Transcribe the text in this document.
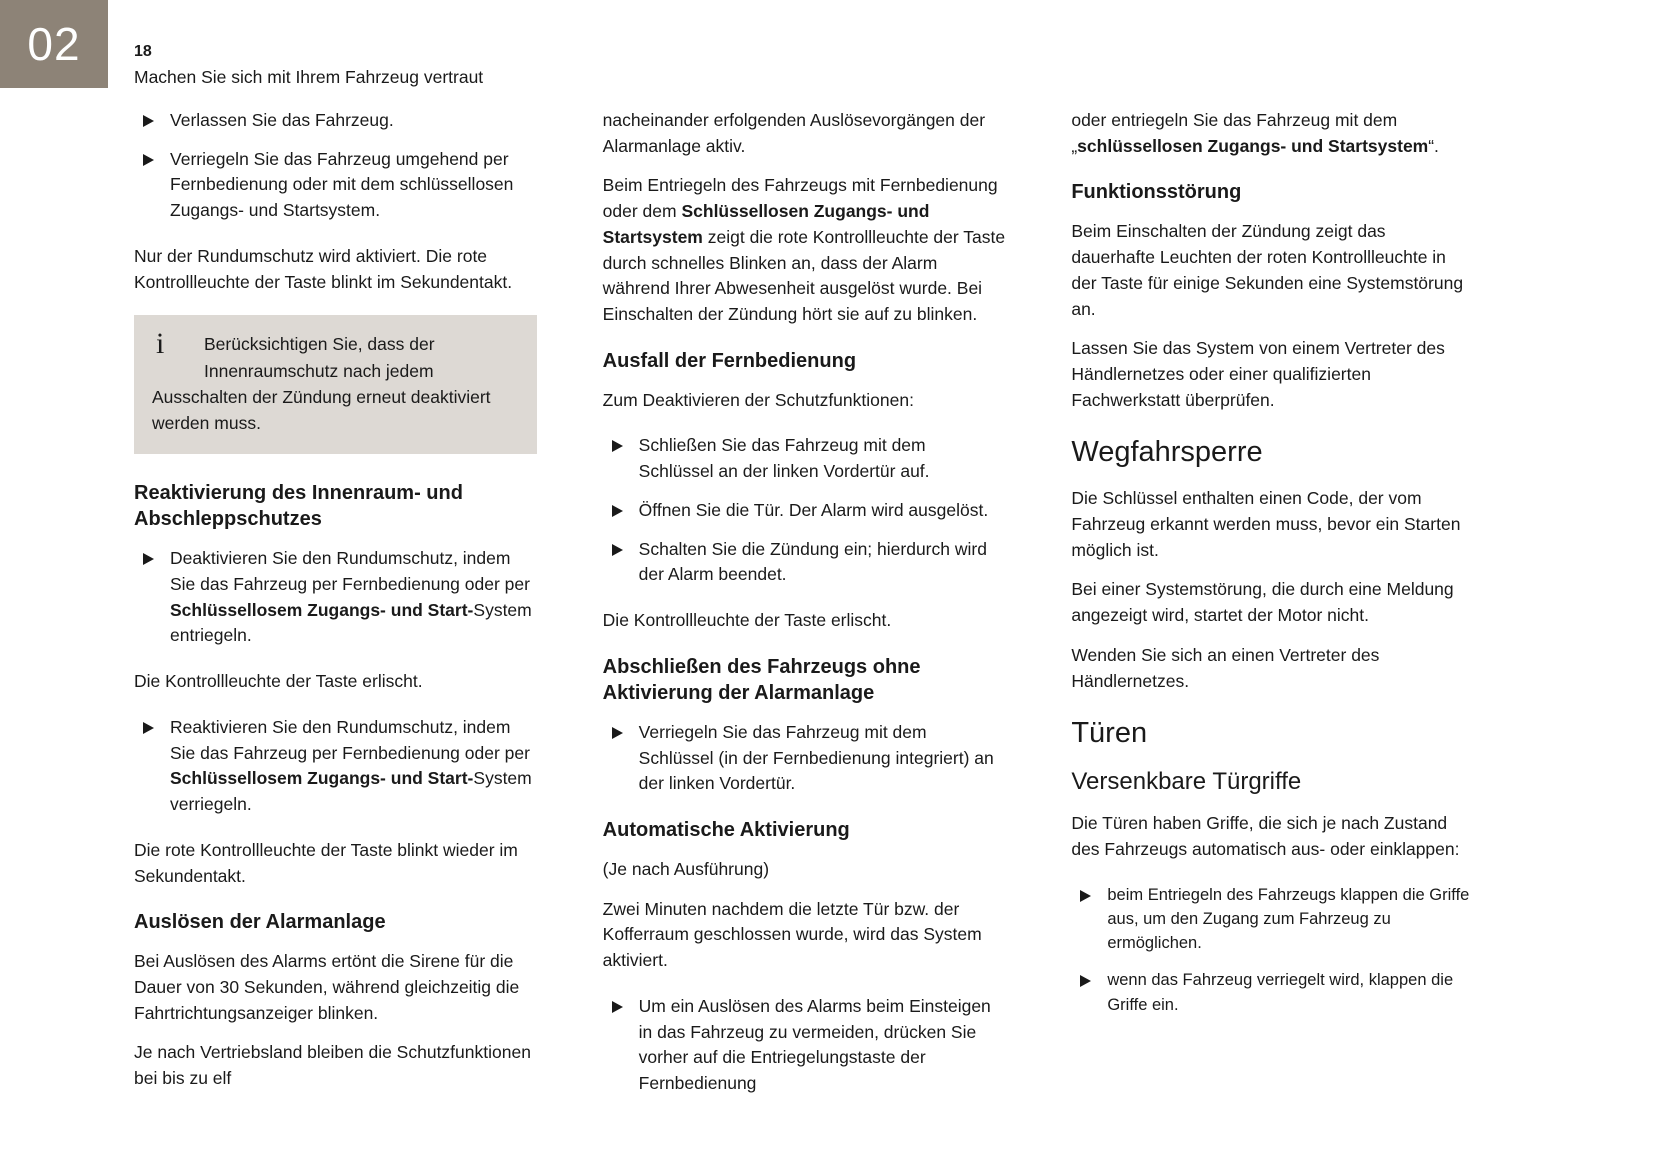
02	18

Machen Sie sich mit Ihrem Fahrzeug vertraut

Verlassen Sie das Fahrzeug.
Verriegeln Sie das Fahrzeug umgehend per Fernbedienung oder mit dem schlüssellosen Zugangs- und Startsystem.

Nur der Rundumschutz wird aktiviert. Die rote Kontrollleuchte der Taste blinkt im Sekundentakt.

i Berücksichtigen Sie, dass der
Innenraumschutz nach jedem
Ausschalten der Zündung erneut deaktiviert werden muss.
Reaktivierung des Innenraum- und Abschleppschutzes
Deaktivieren Sie den Rundumschutz, indem Sie das Fahrzeug per Fernbedienung oder per Schlüssellosem Zugangs- und Start-System entriegeln.

Die Kontrollleuchte der Taste erlischt.

Reaktivieren Sie den Rundumschutz, indem Sie das Fahrzeug per Fernbedienung oder per Schlüssellosem Zugangs- und Start-System verriegeln.

Die rote Kontrollleuchte der Taste blinkt wieder im Sekundentakt.

Auslösen der Alarmanlage

Bei Auslösen des Alarms ertönt die Sirene für die Dauer von 30 Sekunden, während gleichzeitig die Fahrtrichtungsanzeiger blinken.

Je nach Vertriebsland bleiben die Schutzfunktionen bei bis zu elf

nacheinander erfolgenden Auslösevorgängen der Alarmanlage aktiv.

Beim Entriegeln des Fahrzeugs mit Fernbedienung oder dem Schlüssellosen Zugangs- und Startsystem zeigt die rote Kontrollleuchte der Taste durch schnelles Blinken an, dass der Alarm während Ihrer Abwesenheit ausgelöst wurde. Bei Einschalten der Zündung hört sie auf zu blinken.

Ausfall der Fernbedienung

Zum Deaktivieren der Schutzfunktionen:

Schließen Sie das Fahrzeug mit dem Schlüssel an der linken Vordertür auf.
Öffnen Sie die Tür. Der Alarm wird ausgelöst.
Schalten Sie die Zündung ein; hierdurch wird der Alarm beendet.

Die Kontrollleuchte der Taste erlischt.

Abschließen des Fahrzeugs ohne Aktivierung der Alarmanlage
Verriegeln Sie das Fahrzeug mit dem Schlüssel (in der Fernbedienung integriert) an der linken Vordertür.
Automatische Aktivierung

(Je nach Ausführung)

Zwei Minuten nachdem die letzte Tür bzw. der Kofferraum geschlossen wurde, wird das System aktiviert.

Um ein Auslösen des Alarms beim Einsteigen in das Fahrzeug zu vermeiden, drücken Sie vorher auf die Entriegelungstaste der Fernbedienung

oder entriegeln Sie das Fahrzeug mit dem „schlüssellosen Zugangs- und Startsystem“.

Funktionsstörung

Beim Einschalten der Zündung zeigt das dauerhafte Leuchten der roten Kontrollleuchte in der Taste für einige Sekunden eine Systemstörung an.

Lassen Sie das System von einem Vertreter des Händlernetzes oder einer qualifizierten Fachwerkstatt überprüfen.

Wegfahrsperre

Die Schlüssel enthalten einen Code, der vom Fahrzeug erkannt werden muss, bevor ein Starten möglich ist.

Bei einer Systemstörung, die durch eine Meldung angezeigt wird, startet der Motor nicht.

Wenden Sie sich an einen Vertreter des Händlernetzes.

Türen
Versenkbare Türgriffe

Die Türen haben Griffe, die sich je nach Zustand des Fahrzeugs automatisch aus- oder einklappen:

beim Entriegeln des Fahrzeugs klappen die Griffe aus, um den Zugang zum Fahrzeug zu ermöglichen.
wenn das Fahrzeug verriegelt wird, klappen die Griffe ein.
